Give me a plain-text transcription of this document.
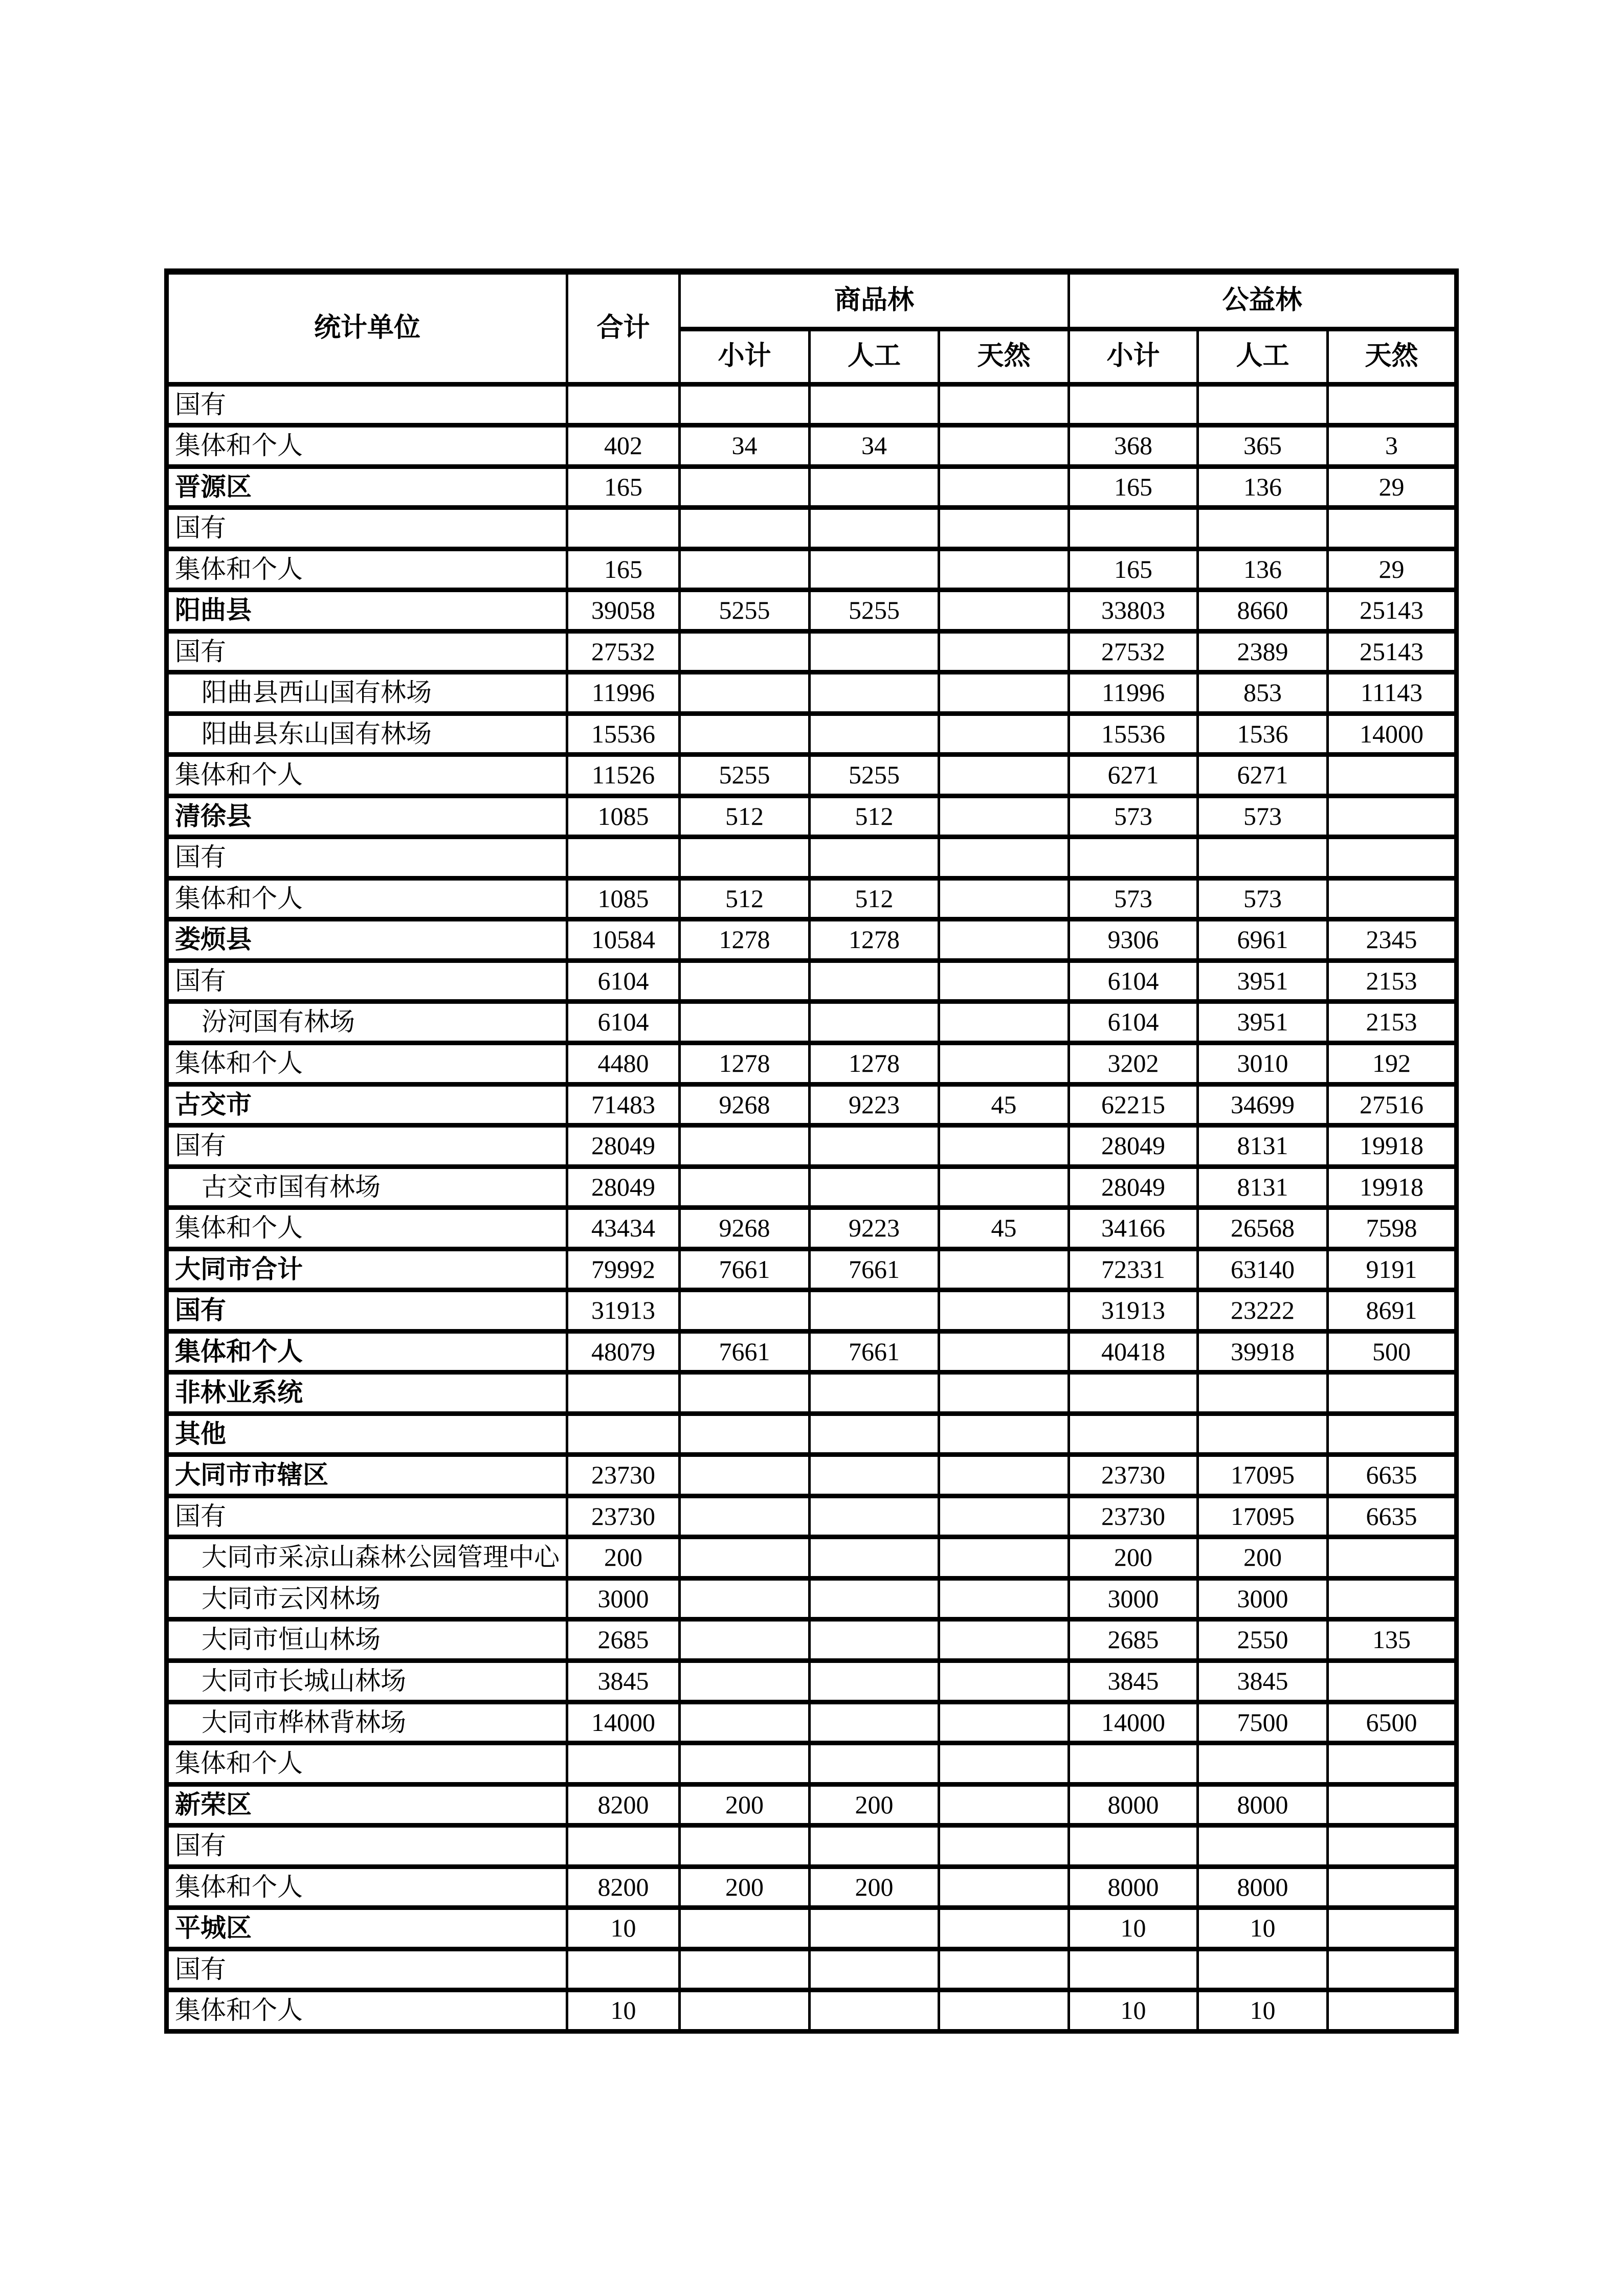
统计单位	合计	商品林			公益林		
		小计	人工	天然	小计	人工	天然
国有							
集体和个人	402	34	34		368	365	3
晋源区	165				165	136	29
国有							
集体和个人	165				165	136	29
阳曲县	39058	5255	5255		33803	8660	25143
国有	27532				27532	2389	25143
阳曲县西山国有林场	11996				11996	853	11143
阳曲县东山国有林场	15536				15536	1536	14000
集体和个人	11526	5255	5255		6271	6271	
清徐县	1085	512	512		573	573	
国有							
集体和个人	1085	512	512		573	573	
娄烦县	10584	1278	1278		9306	6961	2345
国有	6104				6104	3951	2153
汾河国有林场	6104				6104	3951	2153
集体和个人	4480	1278	1278		3202	3010	192
古交市	71483	9268	9223	45	62215	34699	27516
国有	28049				28049	8131	19918
古交市国有林场	28049				28049	8131	19918
集体和个人	43434	9268	9223	45	34166	26568	7598
大同市合计	79992	7661	7661		72331	63140	9191
国有	31913				31913	23222	8691
集体和个人	48079	7661	7661		40418	39918	500
非林业系统							
其他							
大同市市辖区	23730				23730	17095	6635
国有	23730				23730	17095	6635
大同市采凉山森林公园管理中心	200				200	200	
大同市云冈林场	3000				3000	3000	
大同市恒山林场	2685				2685	2550	135
大同市长城山林场	3845				3845	3845	
大同市桦林背林场	14000				14000	7500	6500
集体和个人							
新荣区	8200	200	200		8000	8000	
国有							
集体和个人	8200	200	200		8000	8000	
平城区	10				10	10	
国有							
集体和个人	10				10	10	
